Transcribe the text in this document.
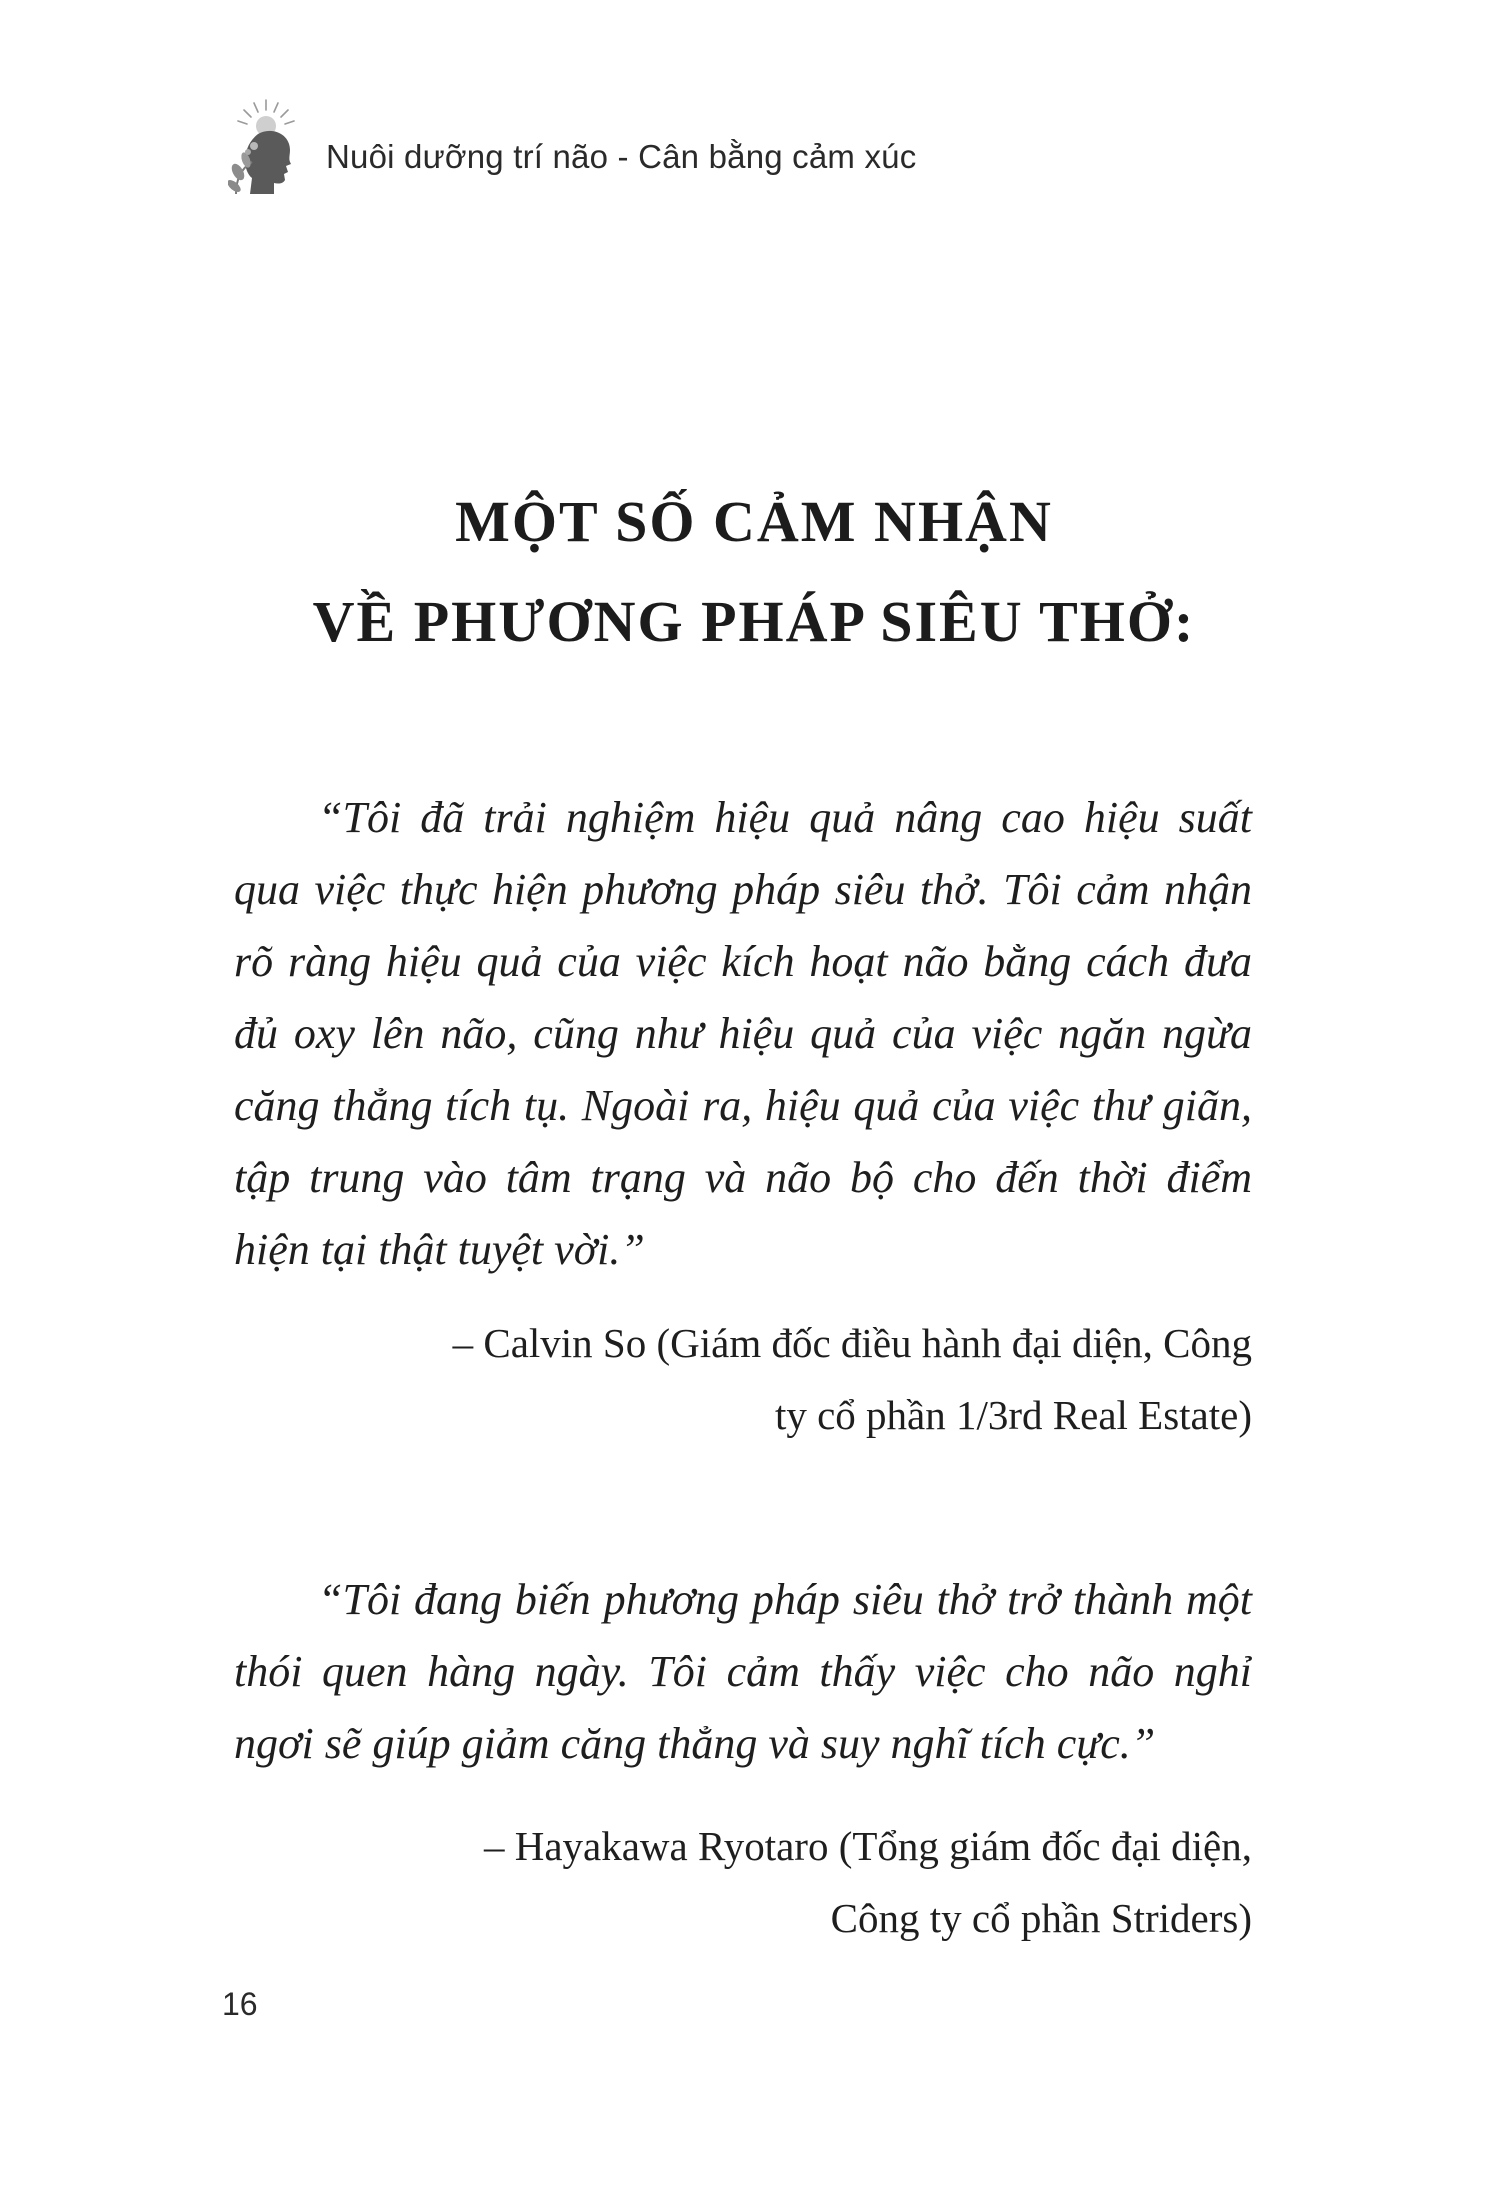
Nuôi dưỡng trí não - Cân bằng cảm xúc
MỘT SỐ CẢM NHẬN
VỀ PHƯƠNG PHÁP SIÊU THỞ:

“Tôi đã trải nghiệm hiệu quả nâng cao hiệu suất qua việc thực hiện phương pháp siêu thở. Tôi cảm nhận rõ ràng hiệu quả của việc kích hoạt não bằng cách đưa đủ oxy lên não, cũng như hiệu quả của việc ngăn ngừa căng thẳng tích tụ. Ngoài ra, hiệu quả của việc thư giãn, tập trung vào tâm trạng và não bộ cho đến thời điểm hiện tại thật tuyệt vời.”

– Calvin So (Giám đốc điều hành đại diện, Công
ty cổ phần 1/3rd Real Estate)

“Tôi đang biến phương pháp siêu thở trở thành một thói quen hàng ngày. Tôi cảm thấy việc cho não nghỉ ngơi sẽ giúp giảm căng thẳng và suy nghĩ tích cực.”

– Hayakawa Ryotaro (Tổng giám đốc đại diện,
Công ty cổ phần Striders)
16
